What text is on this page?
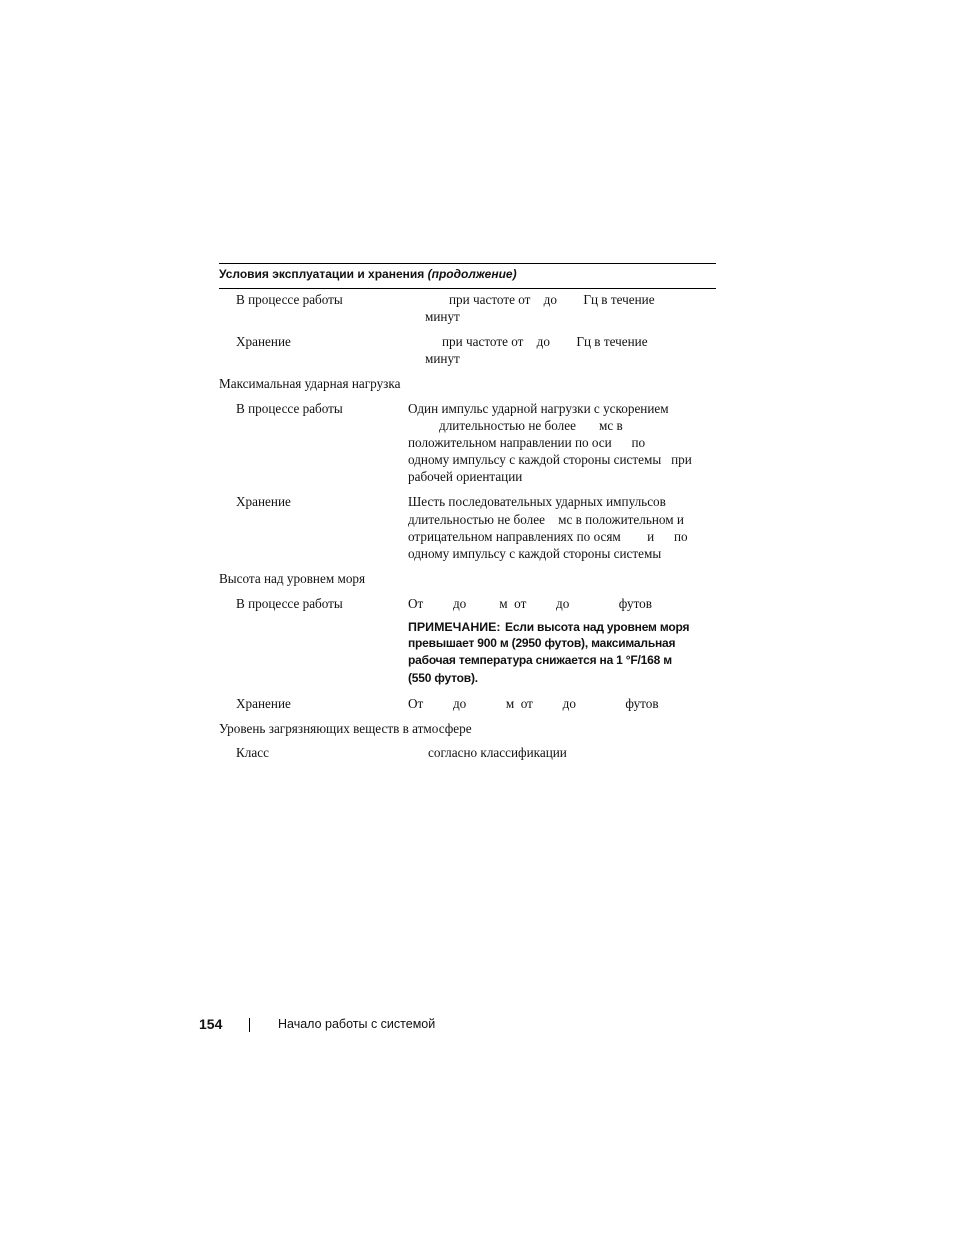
Условия эксплуатации и хранения (продолжение)
В процессе работы	при частоте от    до        Гц в течение
минут
Хранение	при частоте от    до        Гц в течение
минут
Максимальная ударная нагрузка
В процессе работы	Один импульс ударной нагрузки с ускорением
длительностью не более       мс в
положительном направлении по оси      по
одному импульсу с каждой стороны системы   при
рабочей ориентации
Хранение	Шесть последовательных ударных импульсов
длительностью не более    мс в положительном и
отрицательном направлениях по осям        и      по
одному импульсу с каждой стороны системы
Высота над уровнем моря
В процессе работы	От         до          м  от         до               футов
ПРИМЕЧАНИЕ: Если высота над уровнем моря
превышает 900 м (2950 футов), максимальная
рабочая температура снижается на 1 °F/168 м
(550 футов).
Хранение	От         до            м  от         до               футов
Уровень загрязняющих веществ в атмосфере
Класс	согласно классификации
154	Начало работы с системой
